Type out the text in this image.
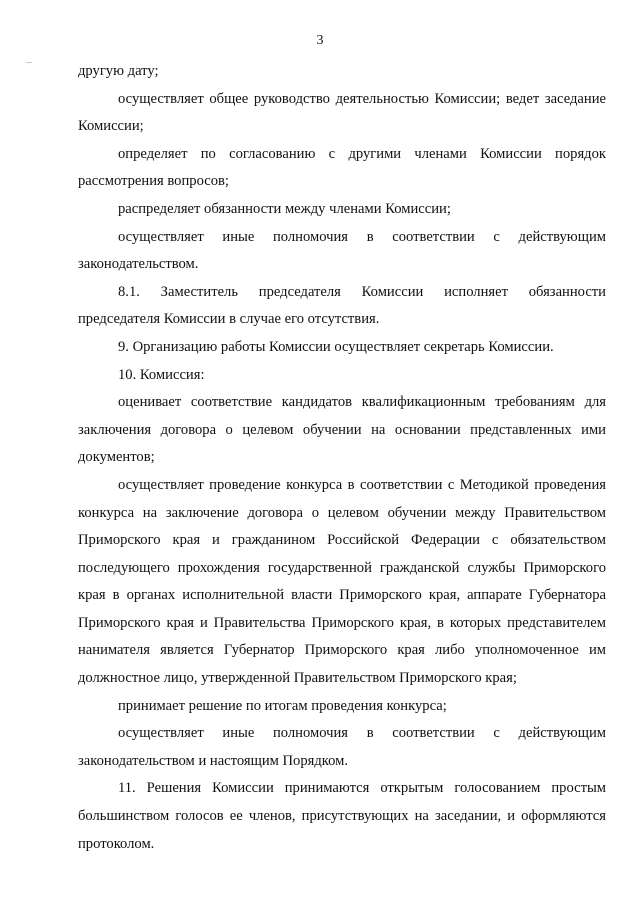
3

другую дату;

осуществляет общее руководство деятельностью Комиссии; ведет заседание Комиссии;

определяет по согласованию с другими членами Комиссии порядок рассмотрения вопросов;

распределяет обязанности между членами Комиссии;

осуществляет иные полномочия в соответствии с действующим законодательством.

8.1. Заместитель председателя Комиссии исполняет обязанности председателя Комиссии в случае его отсутствия.

9. Организацию работы Комиссии осуществляет секретарь Комиссии.

10. Комиссия:

оценивает соответствие кандидатов квалификационным требованиям для заключения договора о целевом обучении на основании представленных ими документов;

осуществляет проведение конкурса в соответствии с Методикой проведения конкурса на заключение договора о целевом обучении между Правительством Приморского края и гражданином Российской Федерации с обязательством последующего прохождения государственной гражданской службы Приморского края в органах исполнительной власти Приморского края, аппарате Губернатора Приморского края и Правительства Приморского края, в которых представителем нанимателя является Губернатор Приморского края либо уполномоченное им должностное лицо, утвержденной Правительством Приморского края;

принимает решение по итогам проведения конкурса;

осуществляет иные полномочия в соответствии с действующим законодательством и настоящим Порядком.

11. Решения Комиссии принимаются открытым голосованием простым большинством голосов ее членов, присутствующих на заседании, и оформляются протоколом.
